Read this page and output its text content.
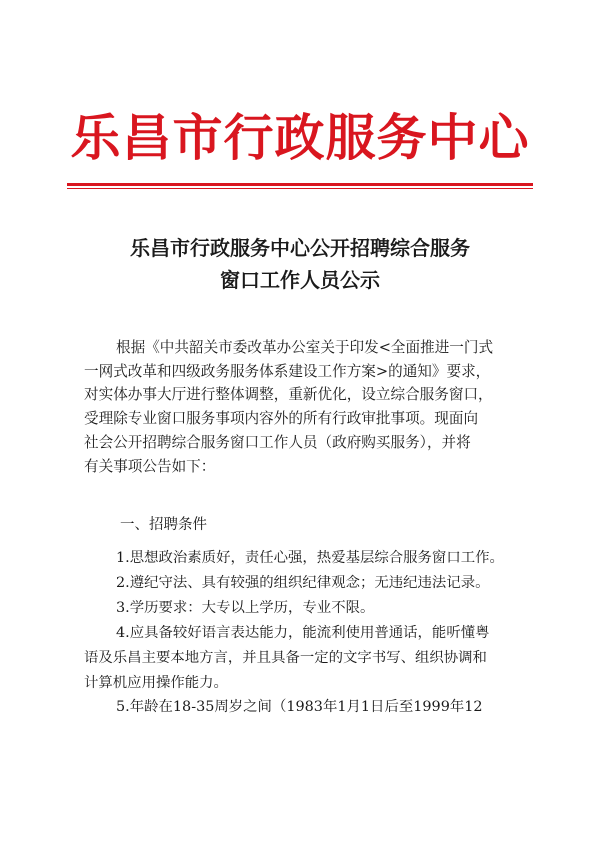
乐昌市行政服务中心
乐昌市行政服务中心公开招聘综合服务
窗口工作人员公示
根据《中共韶关市委改革办公室关于印发<全面推进一门式
一网式改革和四级政务服务体系建设工作方案>的通知》要求，
对实体办事大厅进行整体调整，重新优化，设立综合服务窗口，
受理除专业窗口服务事项内容外的所有行政审批事项。现面向
社会公开招聘综合服务窗口工作人员（政府购买服务），并将
有关事项公告如下：
一、招聘条件
1.思想政治素质好，责任心强，热爱基层综合服务窗口工作。
2.遵纪守法、具有较强的组织纪律观念；无违纪违法记录。
3.学历要求：大专以上学历，专业不限。
4.应具备较好语言表达能力，能流利使用普通话，能听懂粤
语及乐昌主要本地方言，并且具备一定的文字书写、组织协调和
计算机应用操作能力。
5.年龄在18-35周岁之间（1983年1月1日后至1999年12
